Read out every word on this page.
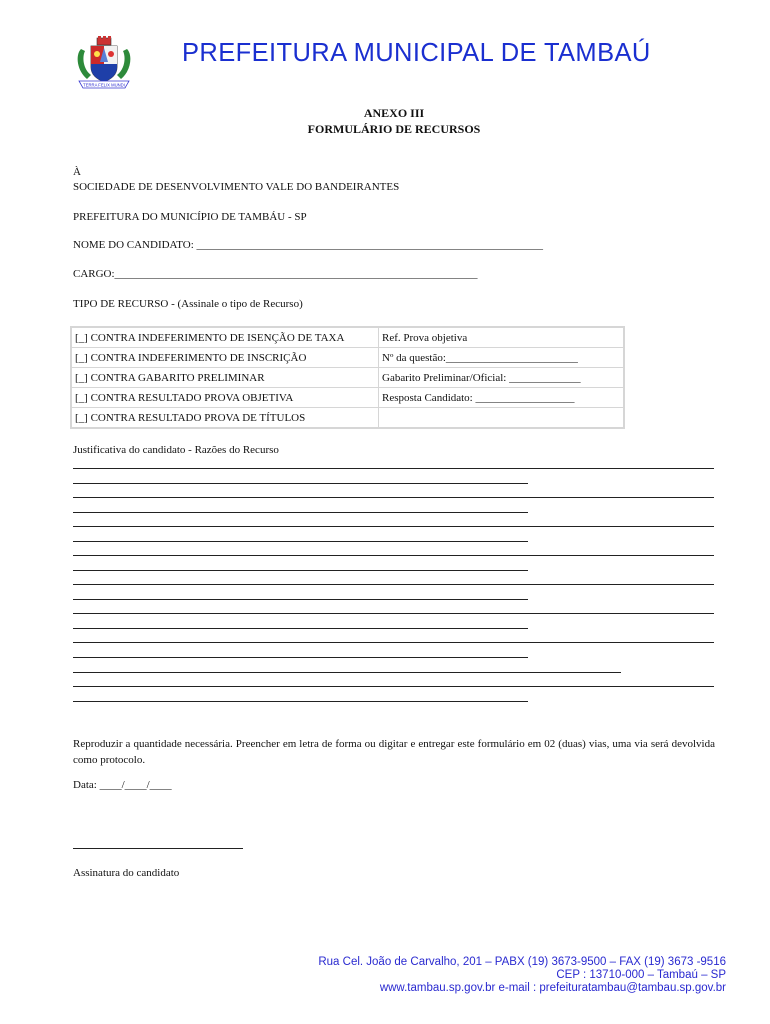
TERRA FELIX MUNDI
PREFEITURA MUNICIPAL DE TAMBAÚ
ANEXO III
FORMULÁRIO DE RECURSOS
À
SOCIEDADE DE DESENVOLVIMENTO VALE DO BANDEIRANTES
PREFEITURA DO MUNICÍPIO DE TAMBÁU - SP
NOME DO CANDIDATO: _______________________________________________________________
CARGO:__________________________________________________________________
TIPO DE RECURSO - (Assinale o tipo de Recurso)
[_] CONTRA INDEFERIMENTO DE ISENÇÃO DE TAXA	Ref. Prova objetiva
[_] CONTRA INDEFERIMENTO DE INSCRIÇÃO	Nº da questão:________________________
[_] CONTRA GABARITO PRELIMINAR	Gabarito Preliminar/Oficial: _____________
[_] CONTRA RESULTADO PROVA OBJETIVA	Resposta Candidato: __________________
[_] CONTRA RESULTADO PROVA DE TÍTULOS	
Justificativa do candidato - Razões do Recurso
Reproduzir a quantidade necessária. Preencher em letra de forma ou digitar e entregar este formulário em 02 (duas) vias, uma via será devolvida como protocolo.
Data: ____/____/____
Assinatura do candidato
Rua Cel. João de Carvalho, 201 – PABX (19) 3673-9500 – FAX (19) 3673 -9516
CEP : 13710-000 – Tambaú – SP
www.tambau.sp.gov.br e-mail : prefeituratambau@tambau.sp.gov.br
